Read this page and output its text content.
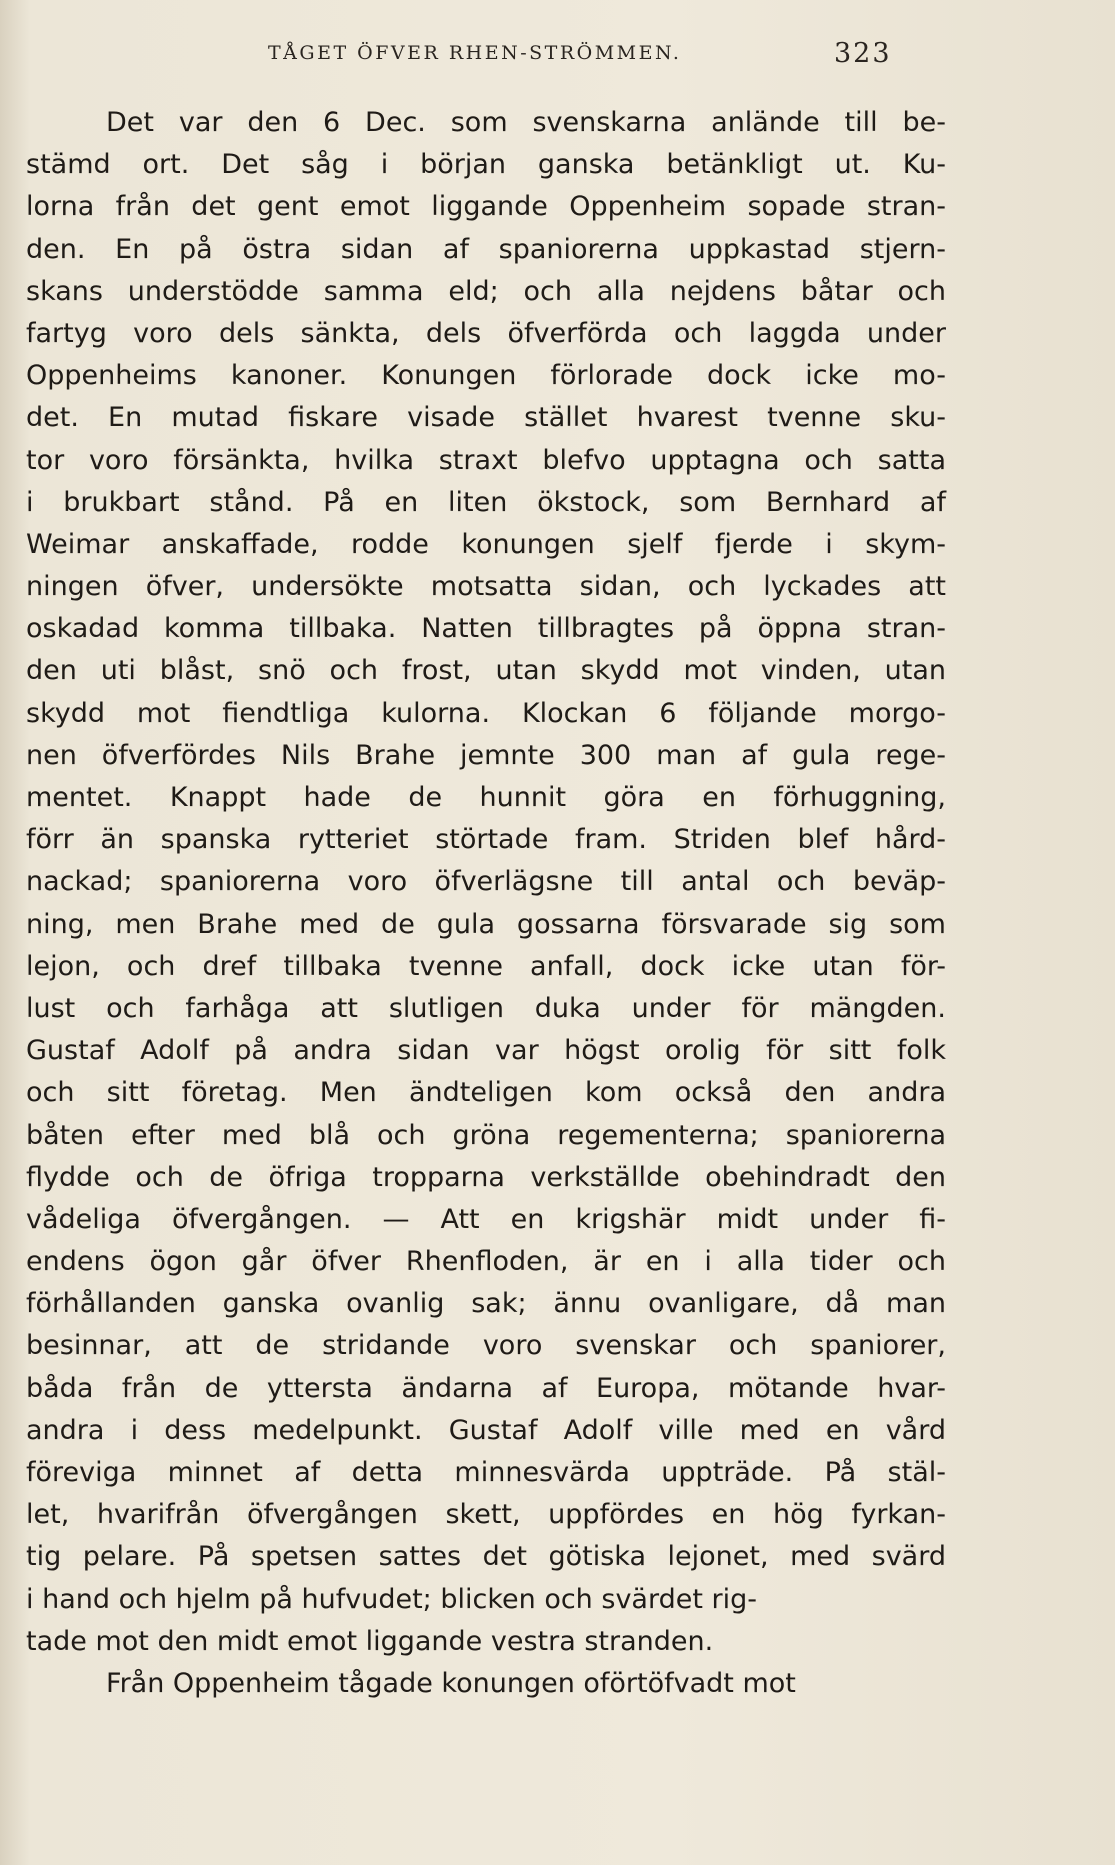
TÅGET ÖFVER RHEN-STRÖMMEN.	323
Det var den 6 Dec. som svenskarna anlände till be-
stämd ort. Det såg i början ganska betänkligt ut. Ku-
lorna från det gent emot liggande Oppenheim sopade stran-
den. En på östra sidan af spaniorerna uppkastad stjern-
skans understödde samma eld; och alla nejdens båtar och
fartyg voro dels sänkta, dels öfverförda och laggda under
Oppenheims kanoner. Konungen förlorade dock icke mo-
det. En mutad fiskare visade stället hvarest tvenne sku-
tor voro försänkta, hvilka straxt blefvo upptagna och satta
i brukbart stånd. På en liten ökstock, som Bernhard af
Weimar anskaffade, rodde konungen sjelf fjerde i skym-
ningen öfver, undersökte motsatta sidan, och lyckades att
oskadad komma tillbaka. Natten tillbragtes på öppna stran-
den uti blåst, snö och frost, utan skydd mot vinden, utan
skydd mot fiendtliga kulorna. Klockan 6 följande morgo-
nen öfverfördes Nils Brahe jemnte 300 man af gula rege-
mentet. Knappt hade de hunnit göra en förhuggning,
förr än spanska rytteriet störtade fram. Striden blef hård-
nackad; spaniorerna voro öfverlägsne till antal och beväp-
ning, men Brahe med de gula gossarna försvarade sig som
lejon, och dref tillbaka tvenne anfall, dock icke utan för-
lust och farhåga att slutligen duka under för mängden.
Gustaf Adolf på andra sidan var högst orolig för sitt folk
och sitt företag. Men ändteligen kom också den andra
båten efter med blå och gröna regementerna; spaniorerna
flydde och de öfriga tropparna verkställde obehindradt den
vådeliga öfvergången. — Att en krigshär midt under fi-
endens ögon går öfver Rhenfloden, är en i alla tider och
förhållanden ganska ovanlig sak; ännu ovanligare, då man
besinnar, att de stridande voro svenskar och spaniorer,
båda från de yttersta ändarna af Europa, mötande hvar-
andra i dess medelpunkt. Gustaf Adolf ville med en vård
föreviga minnet af detta minnesvärda uppträde. På stäl-
let, hvarifrån öfvergången skett, uppfördes en hög fyrkan-
tig pelare. På spetsen sattes det götiska lejonet, med svärd
i hand och hjelm på hufvudet; blicken och svärdet rig-
tade mot den midt emot liggande vestra stranden.
Från Oppenheim tågade konungen oförtöfvadt mot
